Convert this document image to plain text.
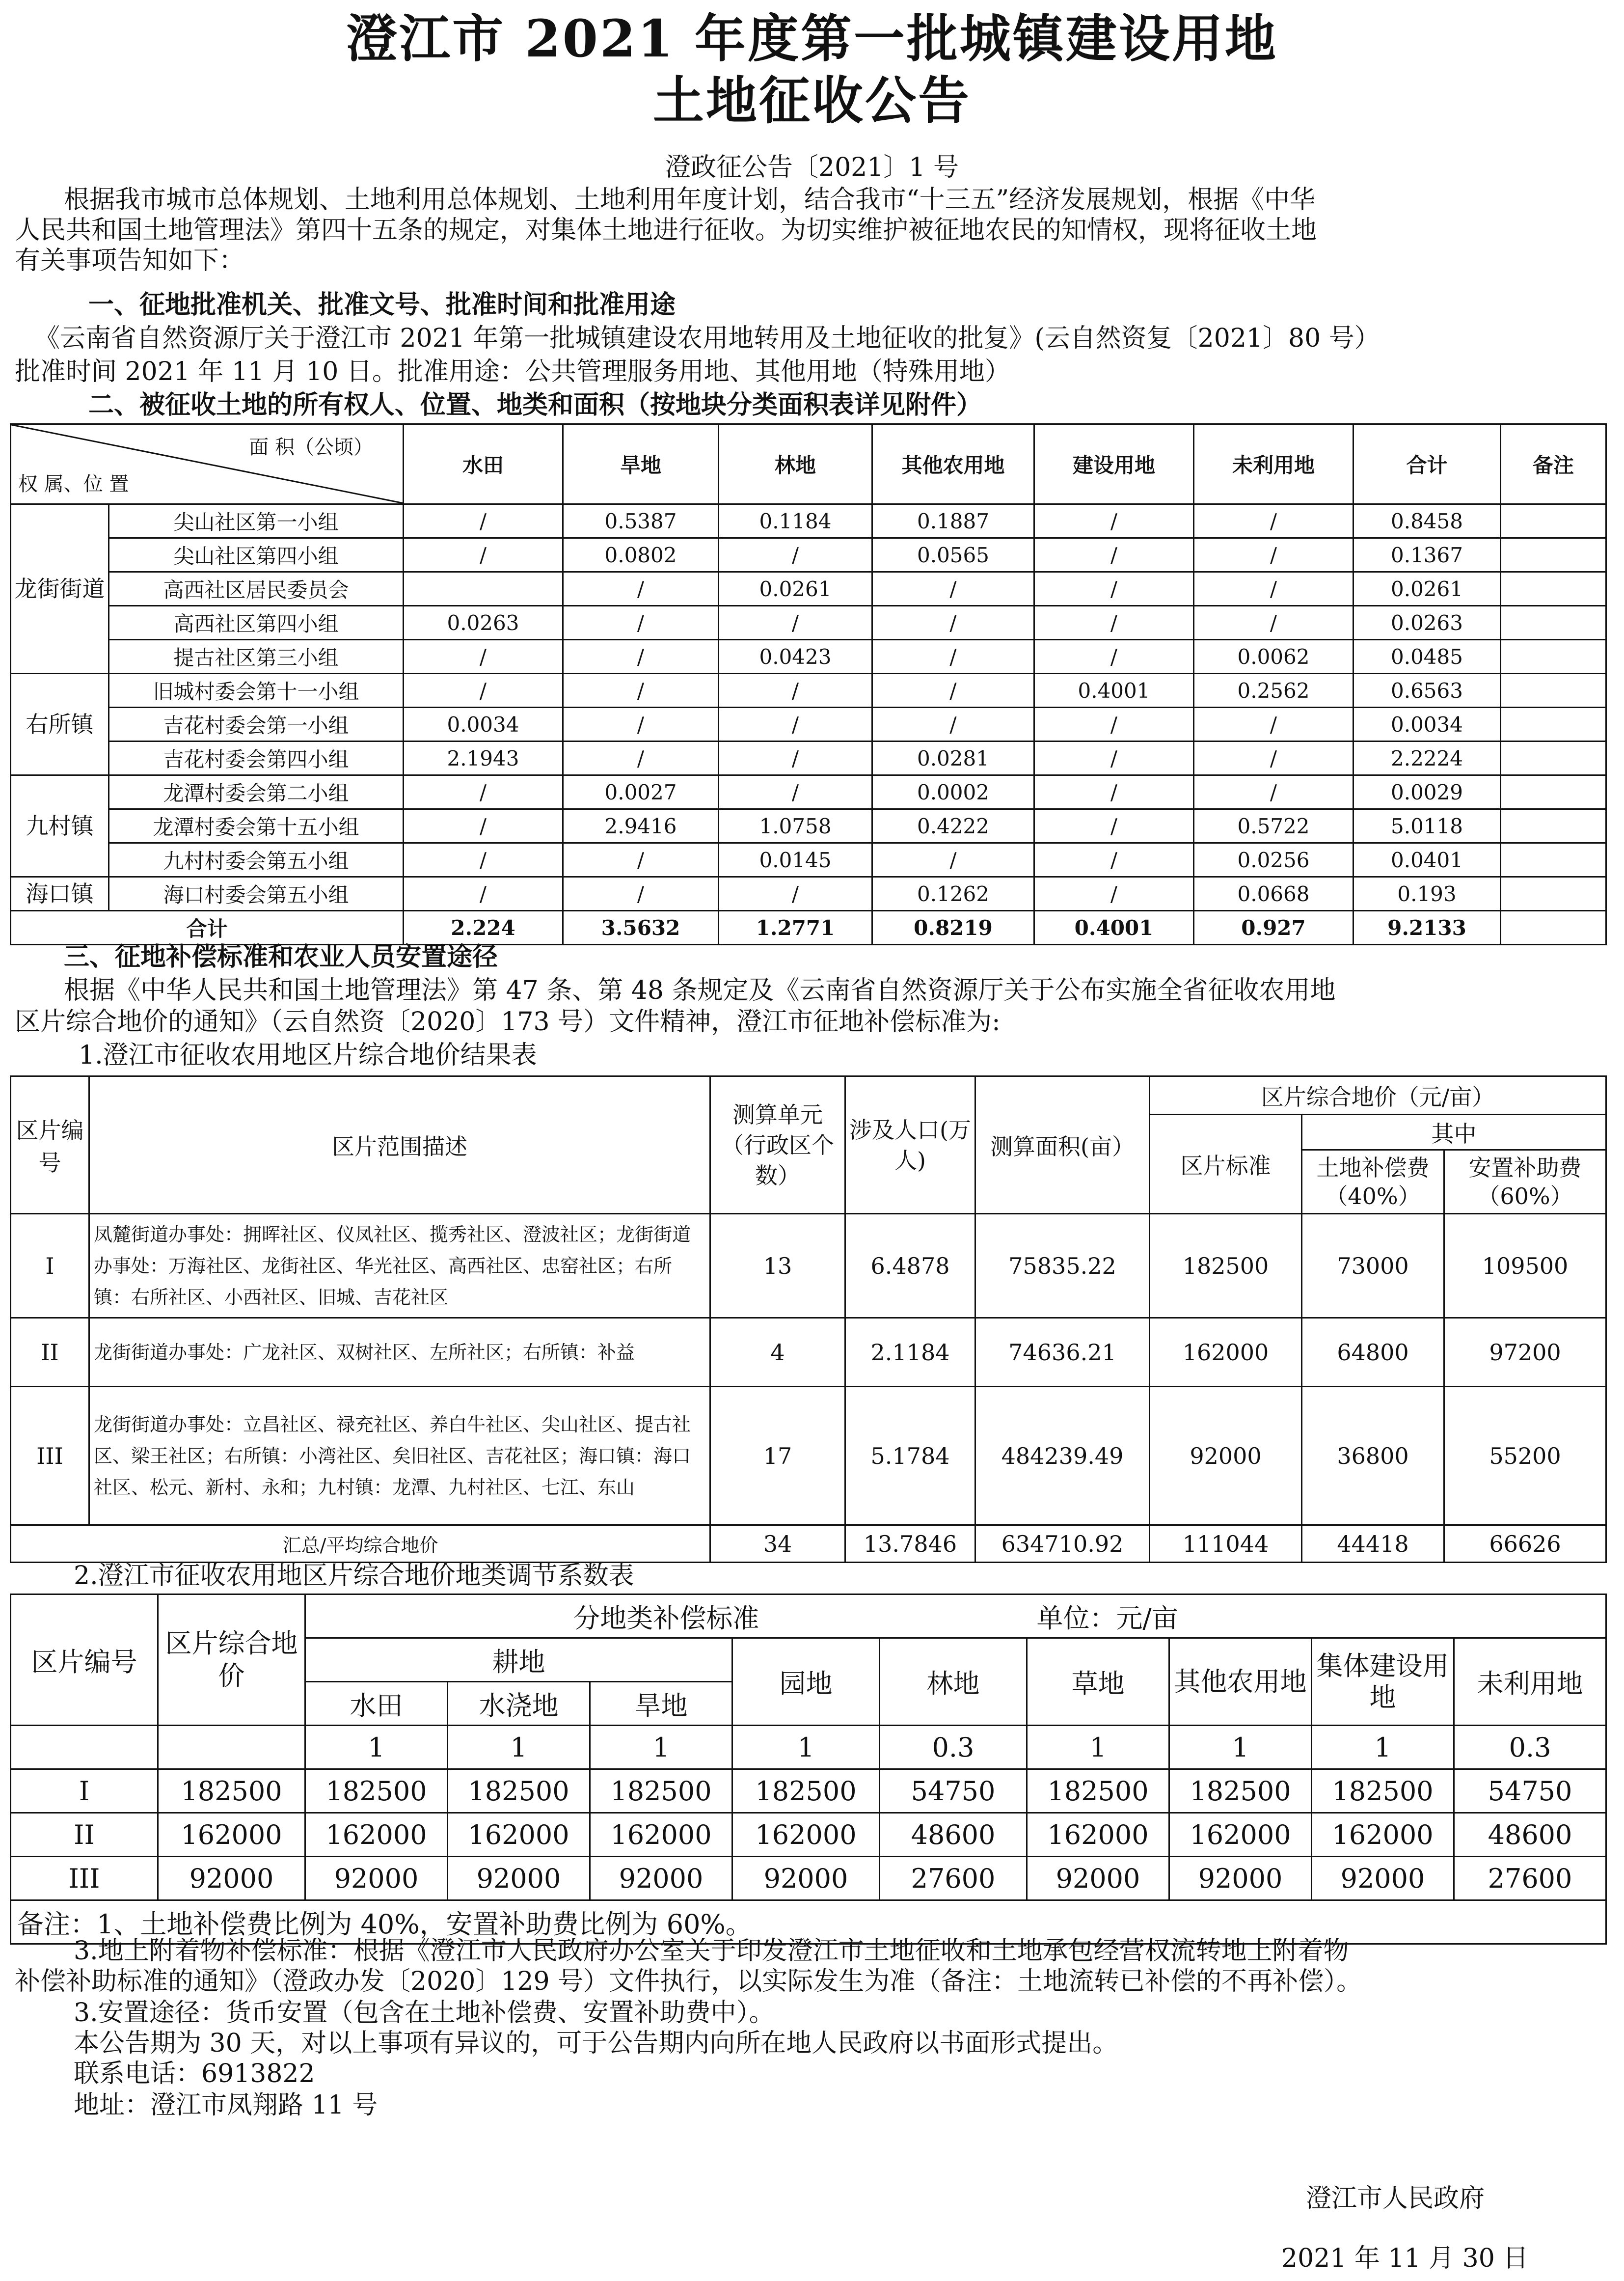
澄江市 2021 年度第一批城镇建设用地
土地征收公告
澄政征公告〔2021〕1 号
根据我市城市总体规划、土地利用总体规划、土地利用年度计划，结合我市“十三五”经济发展规划，根据《中华
人民共和国土地管理法》第四十五条的规定，对集体土地进行征收。为切实维护被征地农民的知情权，现将征收土地
有关事项告知如下：
一、征地批准机关、批准文号、批准时间和批准用途
《云南省自然资源厅关于澄江市 2021 年第一批城镇建设农用地转用及土地征收的批复》(云自然资复〔2021〕80 号）
批准时间 2021 年 11 月 10 日。批准用途：公共管理服务用地、其他用地（特殊用地）
二、被征收土地的所有权人、位置、地类和面积（按地块分类面积表详见附件）
面 积（公顷）
权 属、位 置		水田	旱地	林地	其他农用地	建设用地	未利用地	合计	备注
龙街街道	尖山社区第一小组	/	0.5387	0.1184	0.1887	/	/	0.8458	
	尖山社区第四小组	/	0.0802	/	0.0565	/	/	0.1367	
	高西社区居民委员会		/	0.0261	/	/	/	0.0261	
	高西社区第四小组	0.0263	/	/	/	/	/	0.0263	
	提古社区第三小组	/	/	0.0423	/	/	0.0062	0.0485	
右所镇	旧城村委会第十一小组	/	/	/	/	0.4001	0.2562	0.6563	
	吉花村委会第一小组	0.0034	/	/	/	/	/	0.0034	
	吉花村委会第四小组	2.1943	/	/	0.0281	/	/	2.2224	
九村镇	龙潭村委会第二小组	/	0.0027	/	0.0002	/	/	0.0029	
	龙潭村委会第十五小组	/	2.9416	1.0758	0.4222	/	0.5722	5.0118	
	九村村委会第五小组	/	/	0.0145	/	/	0.0256	0.0401	
海口镇	海口村委会第五小组	/	/	/	0.1262	/	0.0668	0.193	
合计		2.224	3.5632	1.2771	0.8219	0.4001	0.927	9.2133	
三、征地补偿标准和农业人员安置途径
根据《中华人民共和国土地管理法》第 47 条、第 48 条规定及《云南省自然资源厅关于公布实施全省征收农用地
区片综合地价的通知》（云自然资〔2020〕173 号）文件精神，澄江市征地补偿标准为:
1.澄江市征收农用地区片综合地价结果表
区片编号	区片范围描述	测算单元（行政区个数）	涉及人口(万人)	测算面积(亩）	区片综合地价（元/亩）		
					区片标准	其中	
						土地补偿费（40%）	安置补助费（60%）
I	凤麓街道办事处：拥晖社区、仪凤社区、揽秀社区、澄波社区；龙街街道办事处：万海社区、龙街社区、华光社区、高西社区、忠窑社区；右所镇：右所社区、小西社区、旧城、吉花社区	13	6.4878	75835.22	182500	73000	109500
II	龙街街道办事处：广龙社区、双树社区、左所社区；右所镇：补益	4	2.1184	74636.21	162000	64800	97200
III	龙街街道办事处：立昌社区、禄充社区、养白牛社区、尖山社区、提古社区、梁王社区；右所镇：小湾社区、矣旧社区、吉花社区；海口镇：海口社区、松元、新村、永和；九村镇：龙潭、九村社区、七江、东山	17	5.1784	484239.49	92000	36800	55200
汇总/平均综合地价		34	13.7846	634710.92	111044	44418	66626
2.澄江市征收农用地区片综合地价地类调节系数表
区片编号	区片综合地价	分地类补偿标准					单位：元/亩			
		耕地			园地	林地	草地	其他农用地	集体建设用地	未利用地
		水田	水浇地	旱地						
		1	1	1	1	0.3	1	1	1	0.3
I	182500	182500	182500	182500	182500	54750	182500	182500	182500	54750
II	162000	162000	162000	162000	162000	48600	162000	162000	162000	48600
III	92000	92000	92000	92000	92000	27600	92000	92000	92000	27600
备注：1、土地补偿费比例为 40%，安置补助费比例为 60%。										
3.地上附着物补偿标准：根据《澄江市人民政府办公室关于印发澄江市土地征收和土地承包经营权流转地上附着物
补偿补助标准的通知》（澄政办发〔2020〕129 号）文件执行，以实际发生为准（备注：土地流转已补偿的不再补偿）。
3.安置途径：货币安置（包含在土地补偿费、安置补助费中）。
本公告期为 30 天，对以上事项有异议的，可于公告期内向所在地人民政府以书面形式提出。
联系电话：6913822
地址：澄江市凤翔路 11 号
澄江市人民政府
2021 年 11 月 30 日
